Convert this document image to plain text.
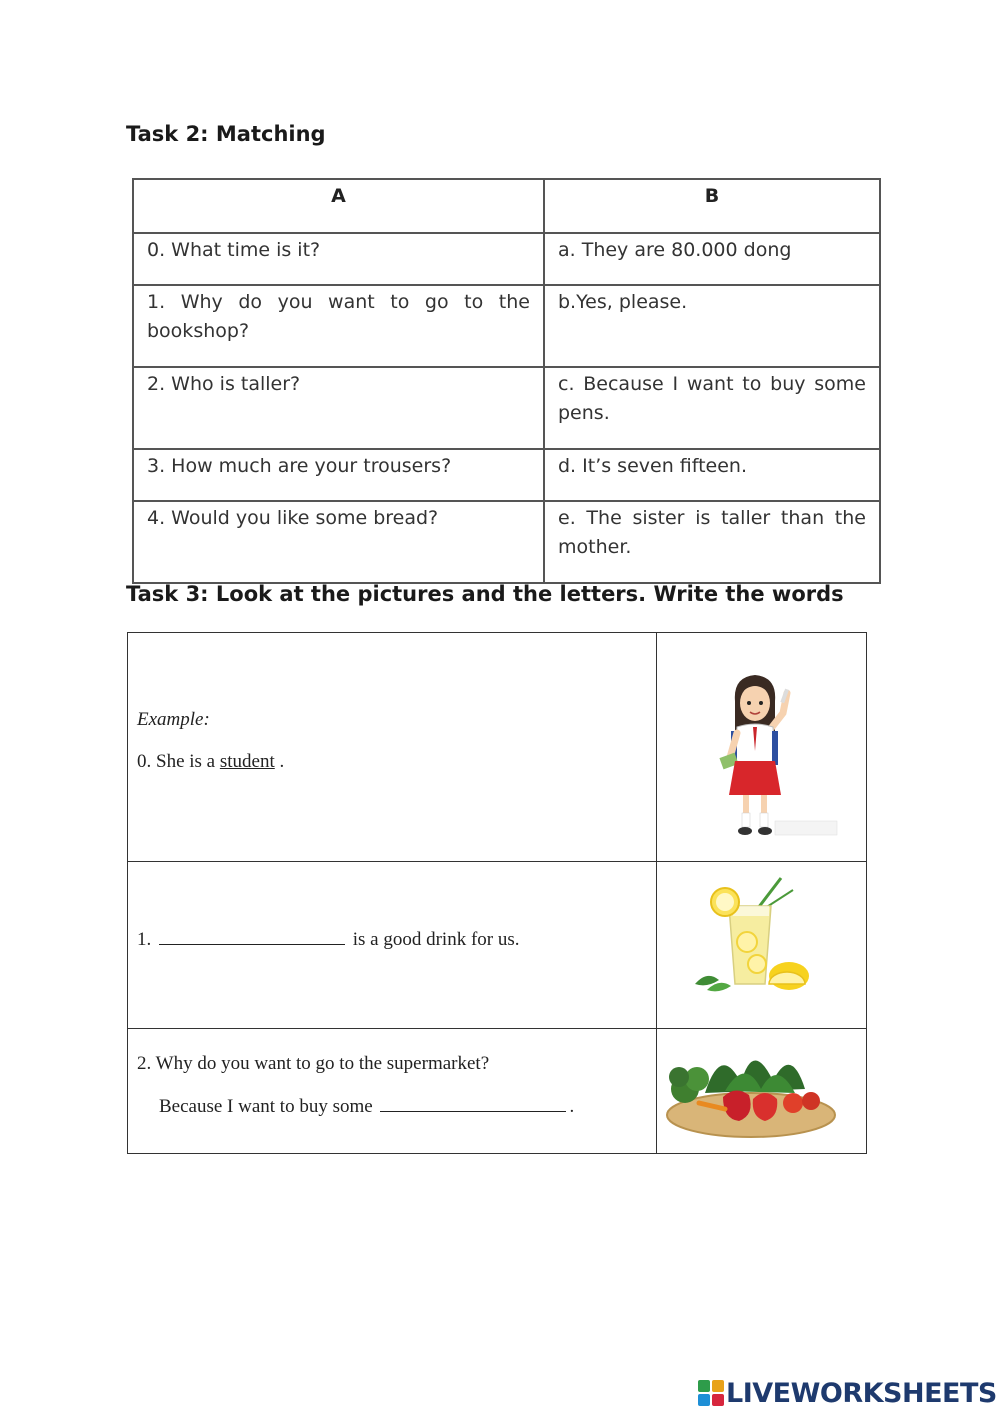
Task 2: Matching
A	B
0. What time is it?	a. They are 80.000 dong
1. Why do you want to go to the bookshop?	b.Yes, please.
2. Who is taller?	c. Because I want to buy some pens.
3. How much are your trousers?	d. It’s seven fifteen.
4. Would you like some bread?	e. The sister is taller than the mother.
Task 3: Look at the pictures and the letters. Write the words
Example:
0. She is a student .

1. is a good drink for us.

2. Why do you want to go to the supermarket?
Because I want to buy some .

LIVEWORKSHEETS
